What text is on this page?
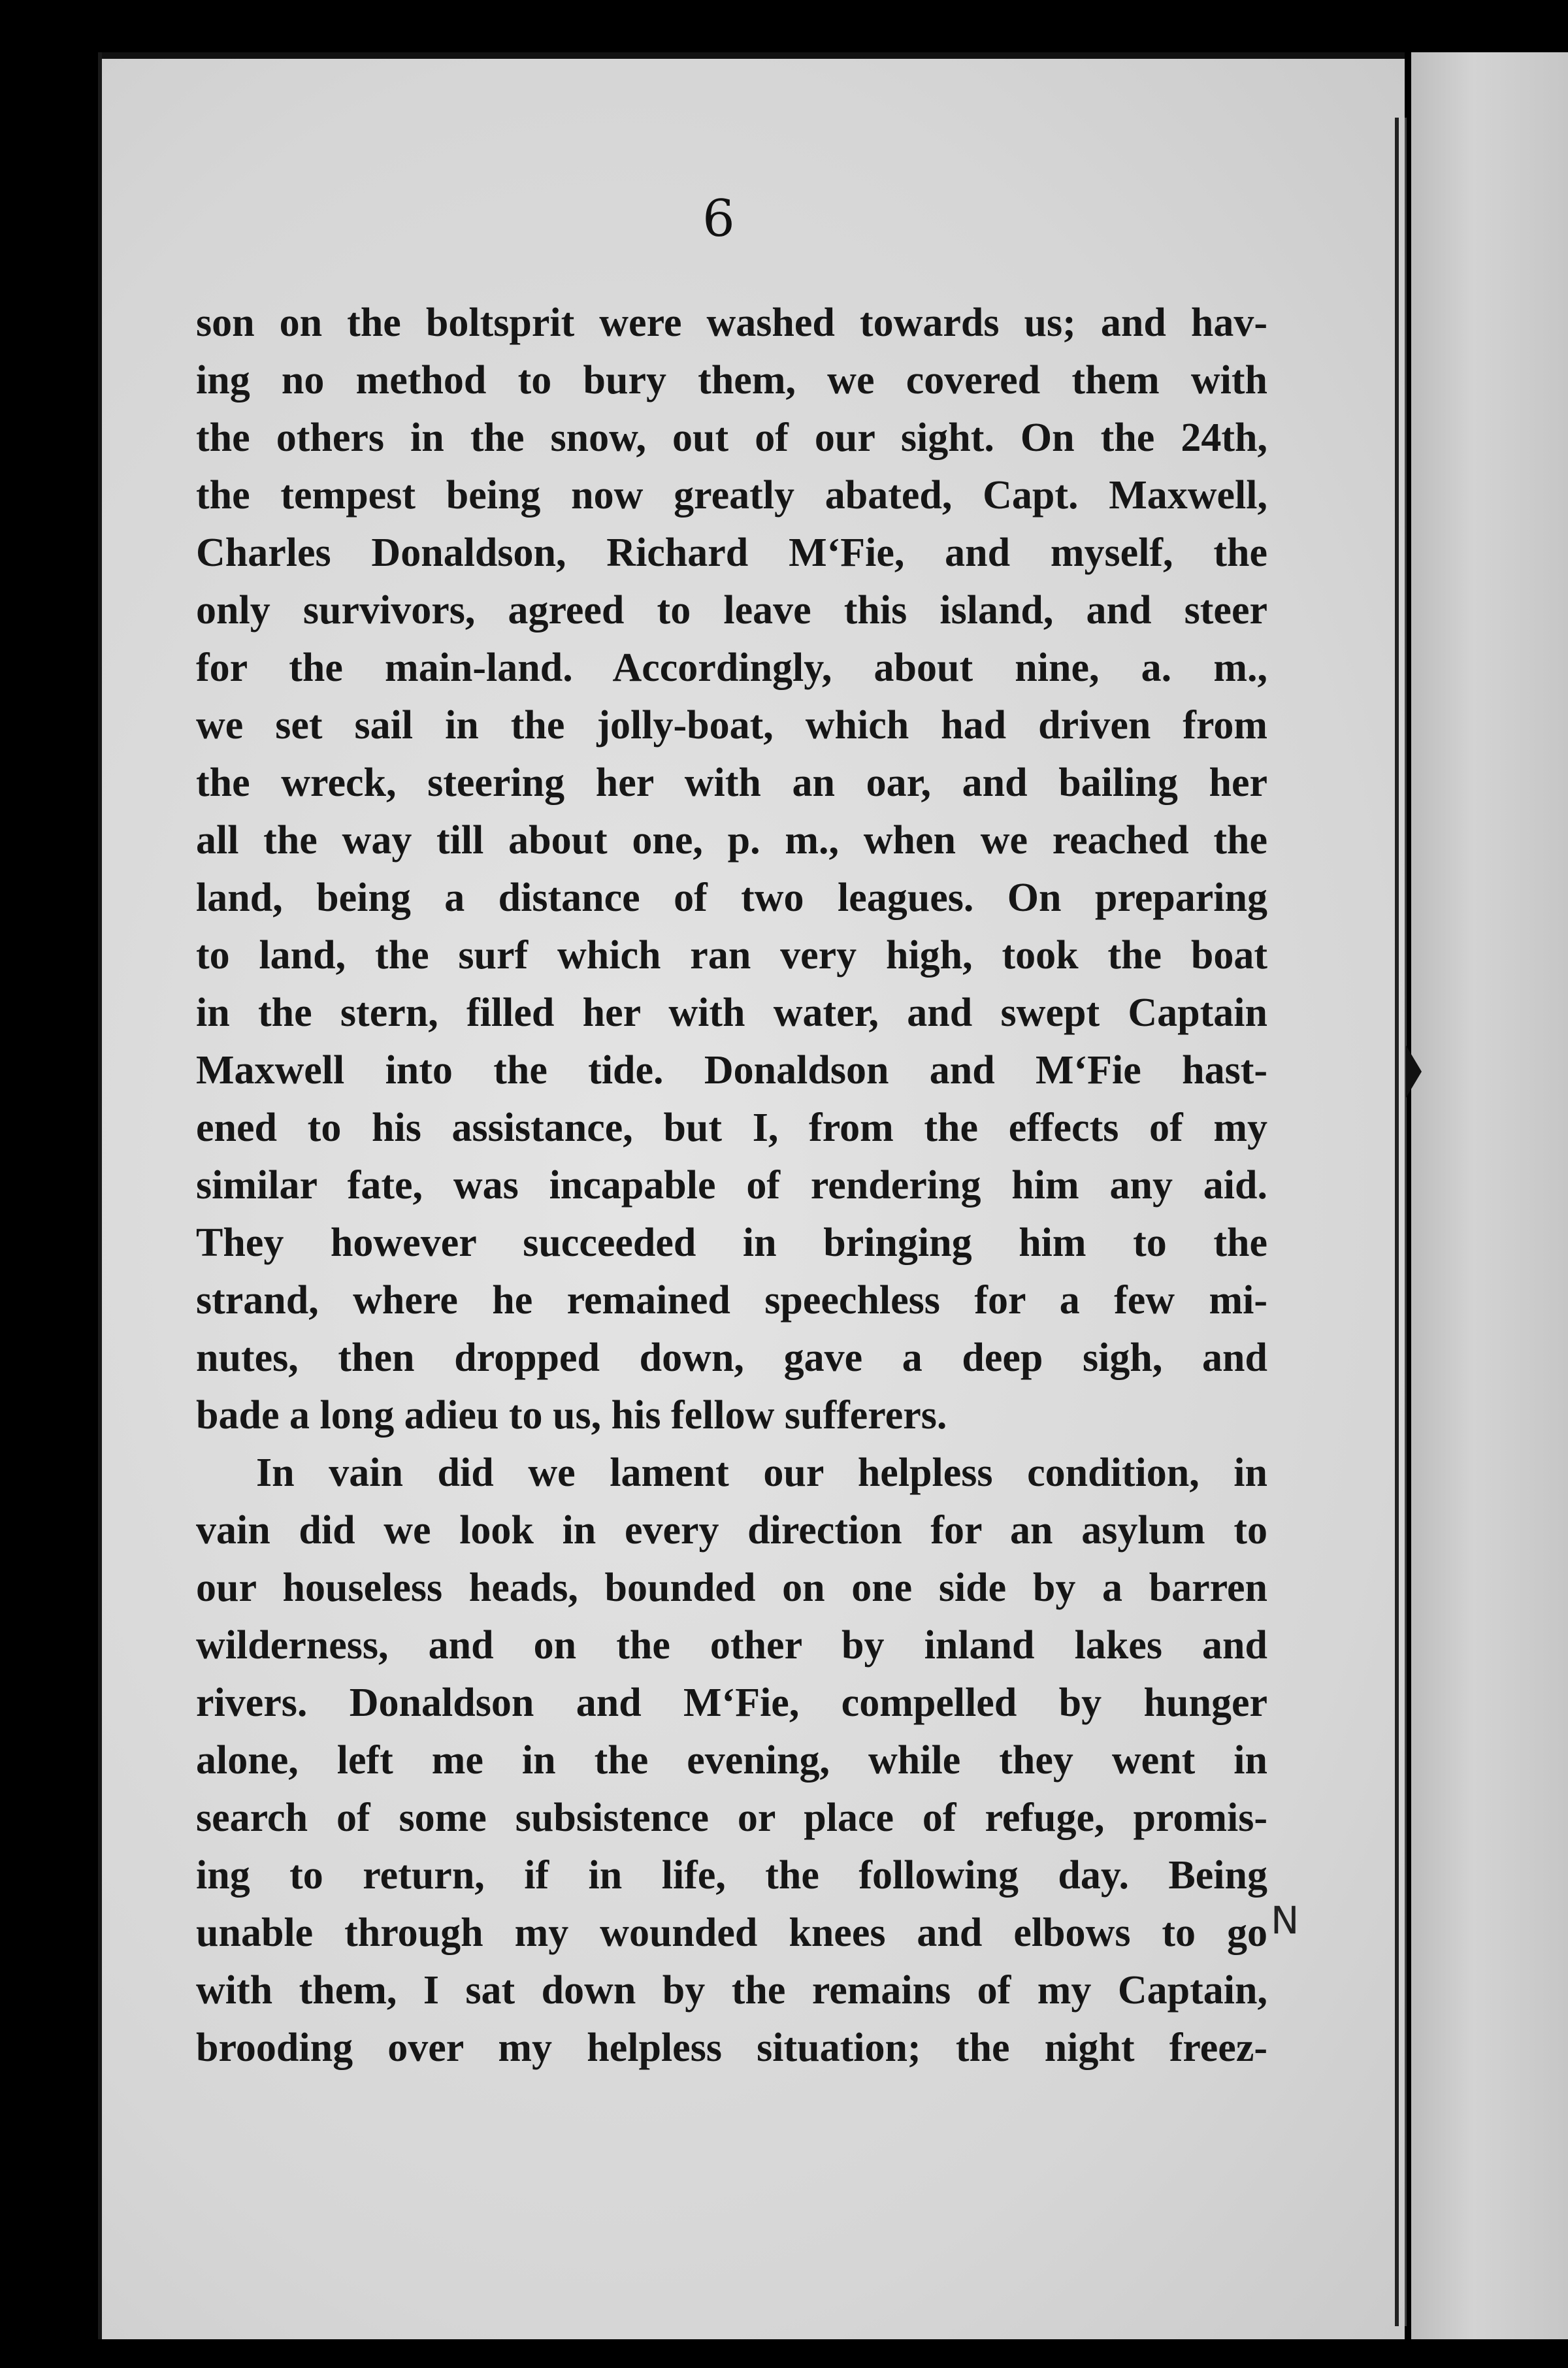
6
son on the boltsprit were washed towards us; and hav-
ing no method to bury them, we covered them with
the others in the snow, out of our sight. On the 24th,
the tempest being now greatly abated, Capt. Maxwell,
Charles Donaldson, Richard M‘Fie, and myself, the
only survivors, agreed to leave this island, and steer
for the main-land. Accordingly, about nine, a. m.,
we set sail in the jolly-boat, which had driven from
the wreck, steering her with an oar, and bailing her
all the way till about one, p. m., when we reached the
land, being a distance of two leagues. On preparing
to land, the surf which ran very high, took the boat
in the stern, filled her with water, and swept Captain
Maxwell into the tide. Donaldson and M‘Fie hast-
ened to his assistance, but I, from the effects of my
similar fate, was incapable of rendering him any aid.
They however succeeded in bringing him to the
strand, where he remained speechless for a few mi-
nutes, then dropped down, gave a deep sigh, and
bade a long adieu to us, his fellow sufferers.
In vain did we lament our helpless condition, in
vain did we look in every direction for an asylum to
our houseless heads, bounded on one side by a barren
wilderness, and on the other by inland lakes and
rivers. Donaldson and M‘Fie, compelled by hunger
alone, left me in the evening, while they went in
search of some subsistence or place of refuge, promis-
ing to return, if in life, the following day. Being
unable through my wounded knees and elbows to go
with them, I sat down by the remains of my Captain,
brooding over my helpless situation; the night freez-
N
